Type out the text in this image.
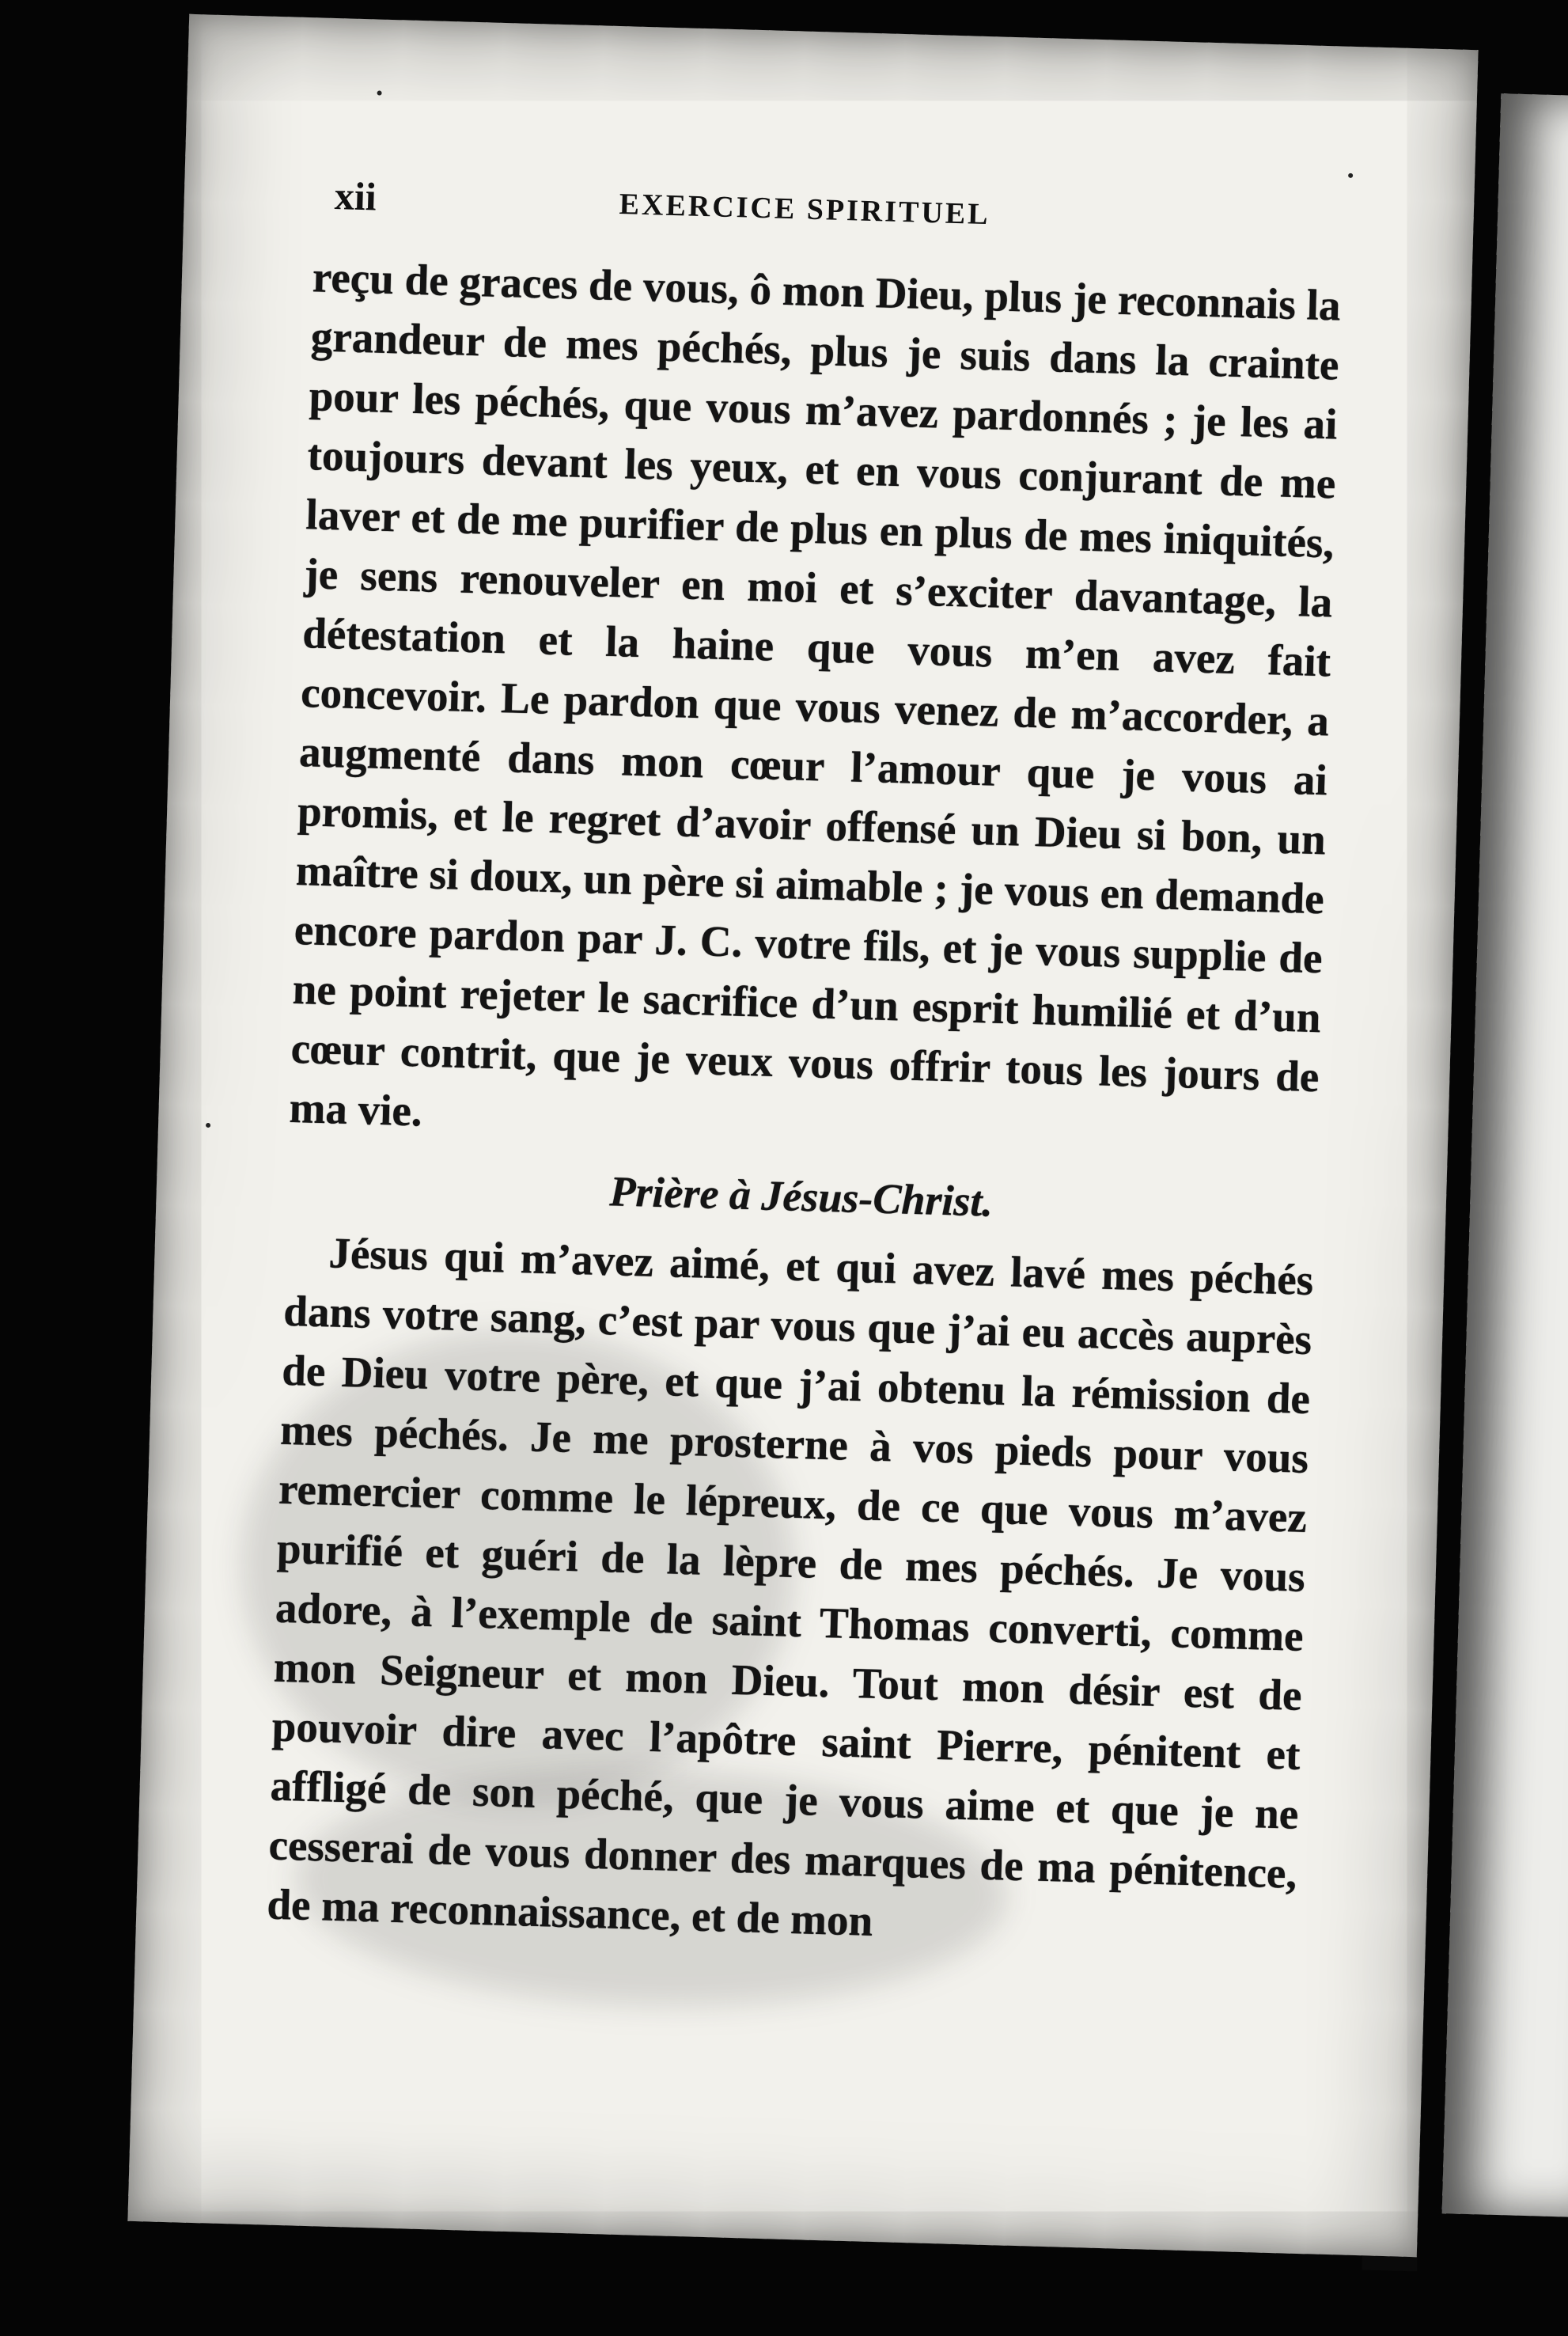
xii	EXERCICE SPIRITUEL

reçu de graces de vous, ô mon Dieu, plus je reconnais la grandeur de mes péchés, plus je suis dans la crainte pour les péchés, que vous m’avez pardonnés ; je les ai toujours devant les yeux, et en vous conjurant de me laver et de me purifier de plus en plus de mes iniquités, je sens renouveler en moi et s’exciter davantage, la détestation et la haine que vous m’en avez fait concevoir. Le pardon que vous venez de m’accorder, a augmenté dans mon cœur l’amour que je vous ai promis, et le regret d’avoir offensé un Dieu si bon, un maître si doux, un père si aimable ; je vous en demande encore pardon par J. C. votre fils, et je vous supplie de ne point rejeter le sacrifice d’un esprit humilié et d’un cœur contrit, que je veux vous offrir tous les jours de ma vie.

Prière à Jésus-Christ.

Jésus qui m’avez aimé, et qui avez lavé mes péchés dans votre sang, c’est par vous que j’ai eu accès auprès de Dieu votre père, et que j’ai obtenu la rémission de mes péchés. Je me prosterne à vos pieds pour vous remercier comme le lépreux, de ce que vous m’avez purifié et guéri de la lèpre de mes péchés. Je vous adore, à l’exemple de saint Thomas converti, comme mon Seigneur et mon Dieu. Tout mon désir est de pouvoir dire avec l’apôtre saint Pierre, pénitent et affligé de son péché, que je vous aime et que je ne cesserai de vous donner des marques de ma pénitence, de ma reconnaissance, et de mon
